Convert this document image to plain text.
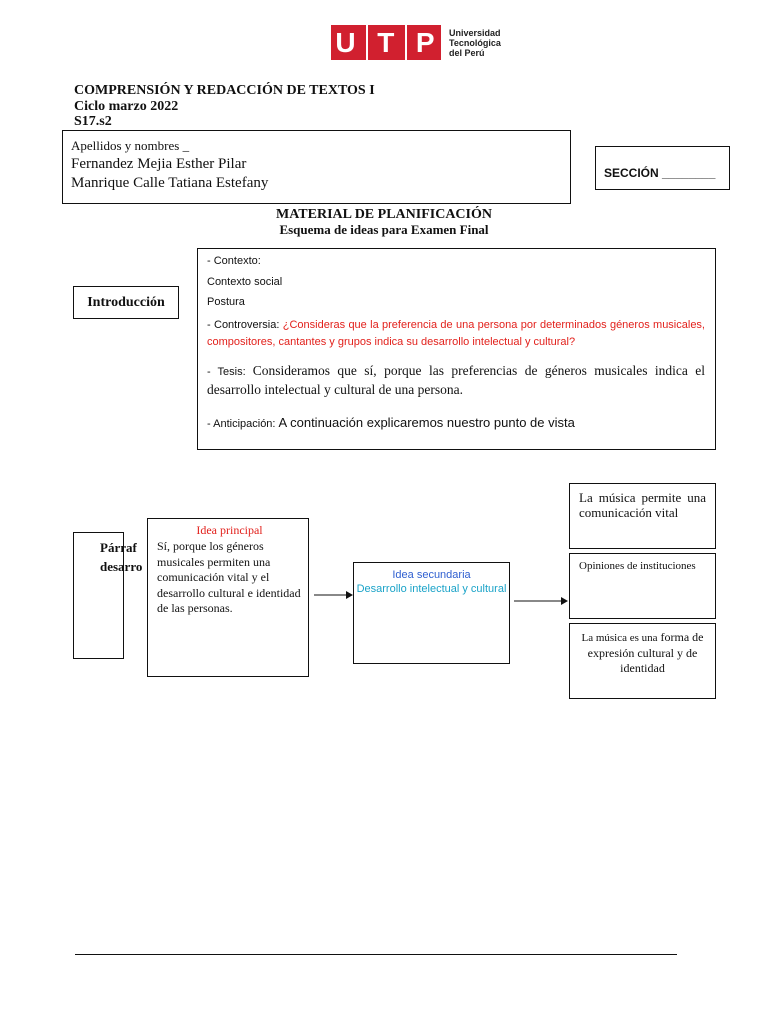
U T P Universidad
Tecnológica
del Perú
COMPRENSIÓN Y REDACCIÓN DE TEXTOS I
Ciclo marzo 2022
S17.s2
Apellidos y nombres _
Fernandez Mejia Esther Pilar
Manrique Calle Tatiana Estefany
SECCIÓN ________
MATERIAL DE PLANIFICACIÓN
Esquema de ideas para Examen Final
Introducción
- Contexto:
Contexto social
Postura
- Controversia: ¿Consideras que la preferencia de una persona por determinados géneros musicales, compositores, cantantes y grupos indica su desarrollo intelectual y cultural?
- Tesis: Consideramos que sí, porque las preferencias de géneros musicales indica el desarrollo intelectual y cultural de una persona.
- Anticipación: A continuación explicaremos nuestro punto de vista
Párraf
desarro
Idea principal
Sí, porque los géneros musicales permiten una comunicación vital y el desarrollo cultural e identidad de las personas.
Idea secundaria
Desarrollo intelectual y cultural
La música permite una comunicación vital
Opiniones de instituciones
La música es una forma de expresión cultural y de identidad
